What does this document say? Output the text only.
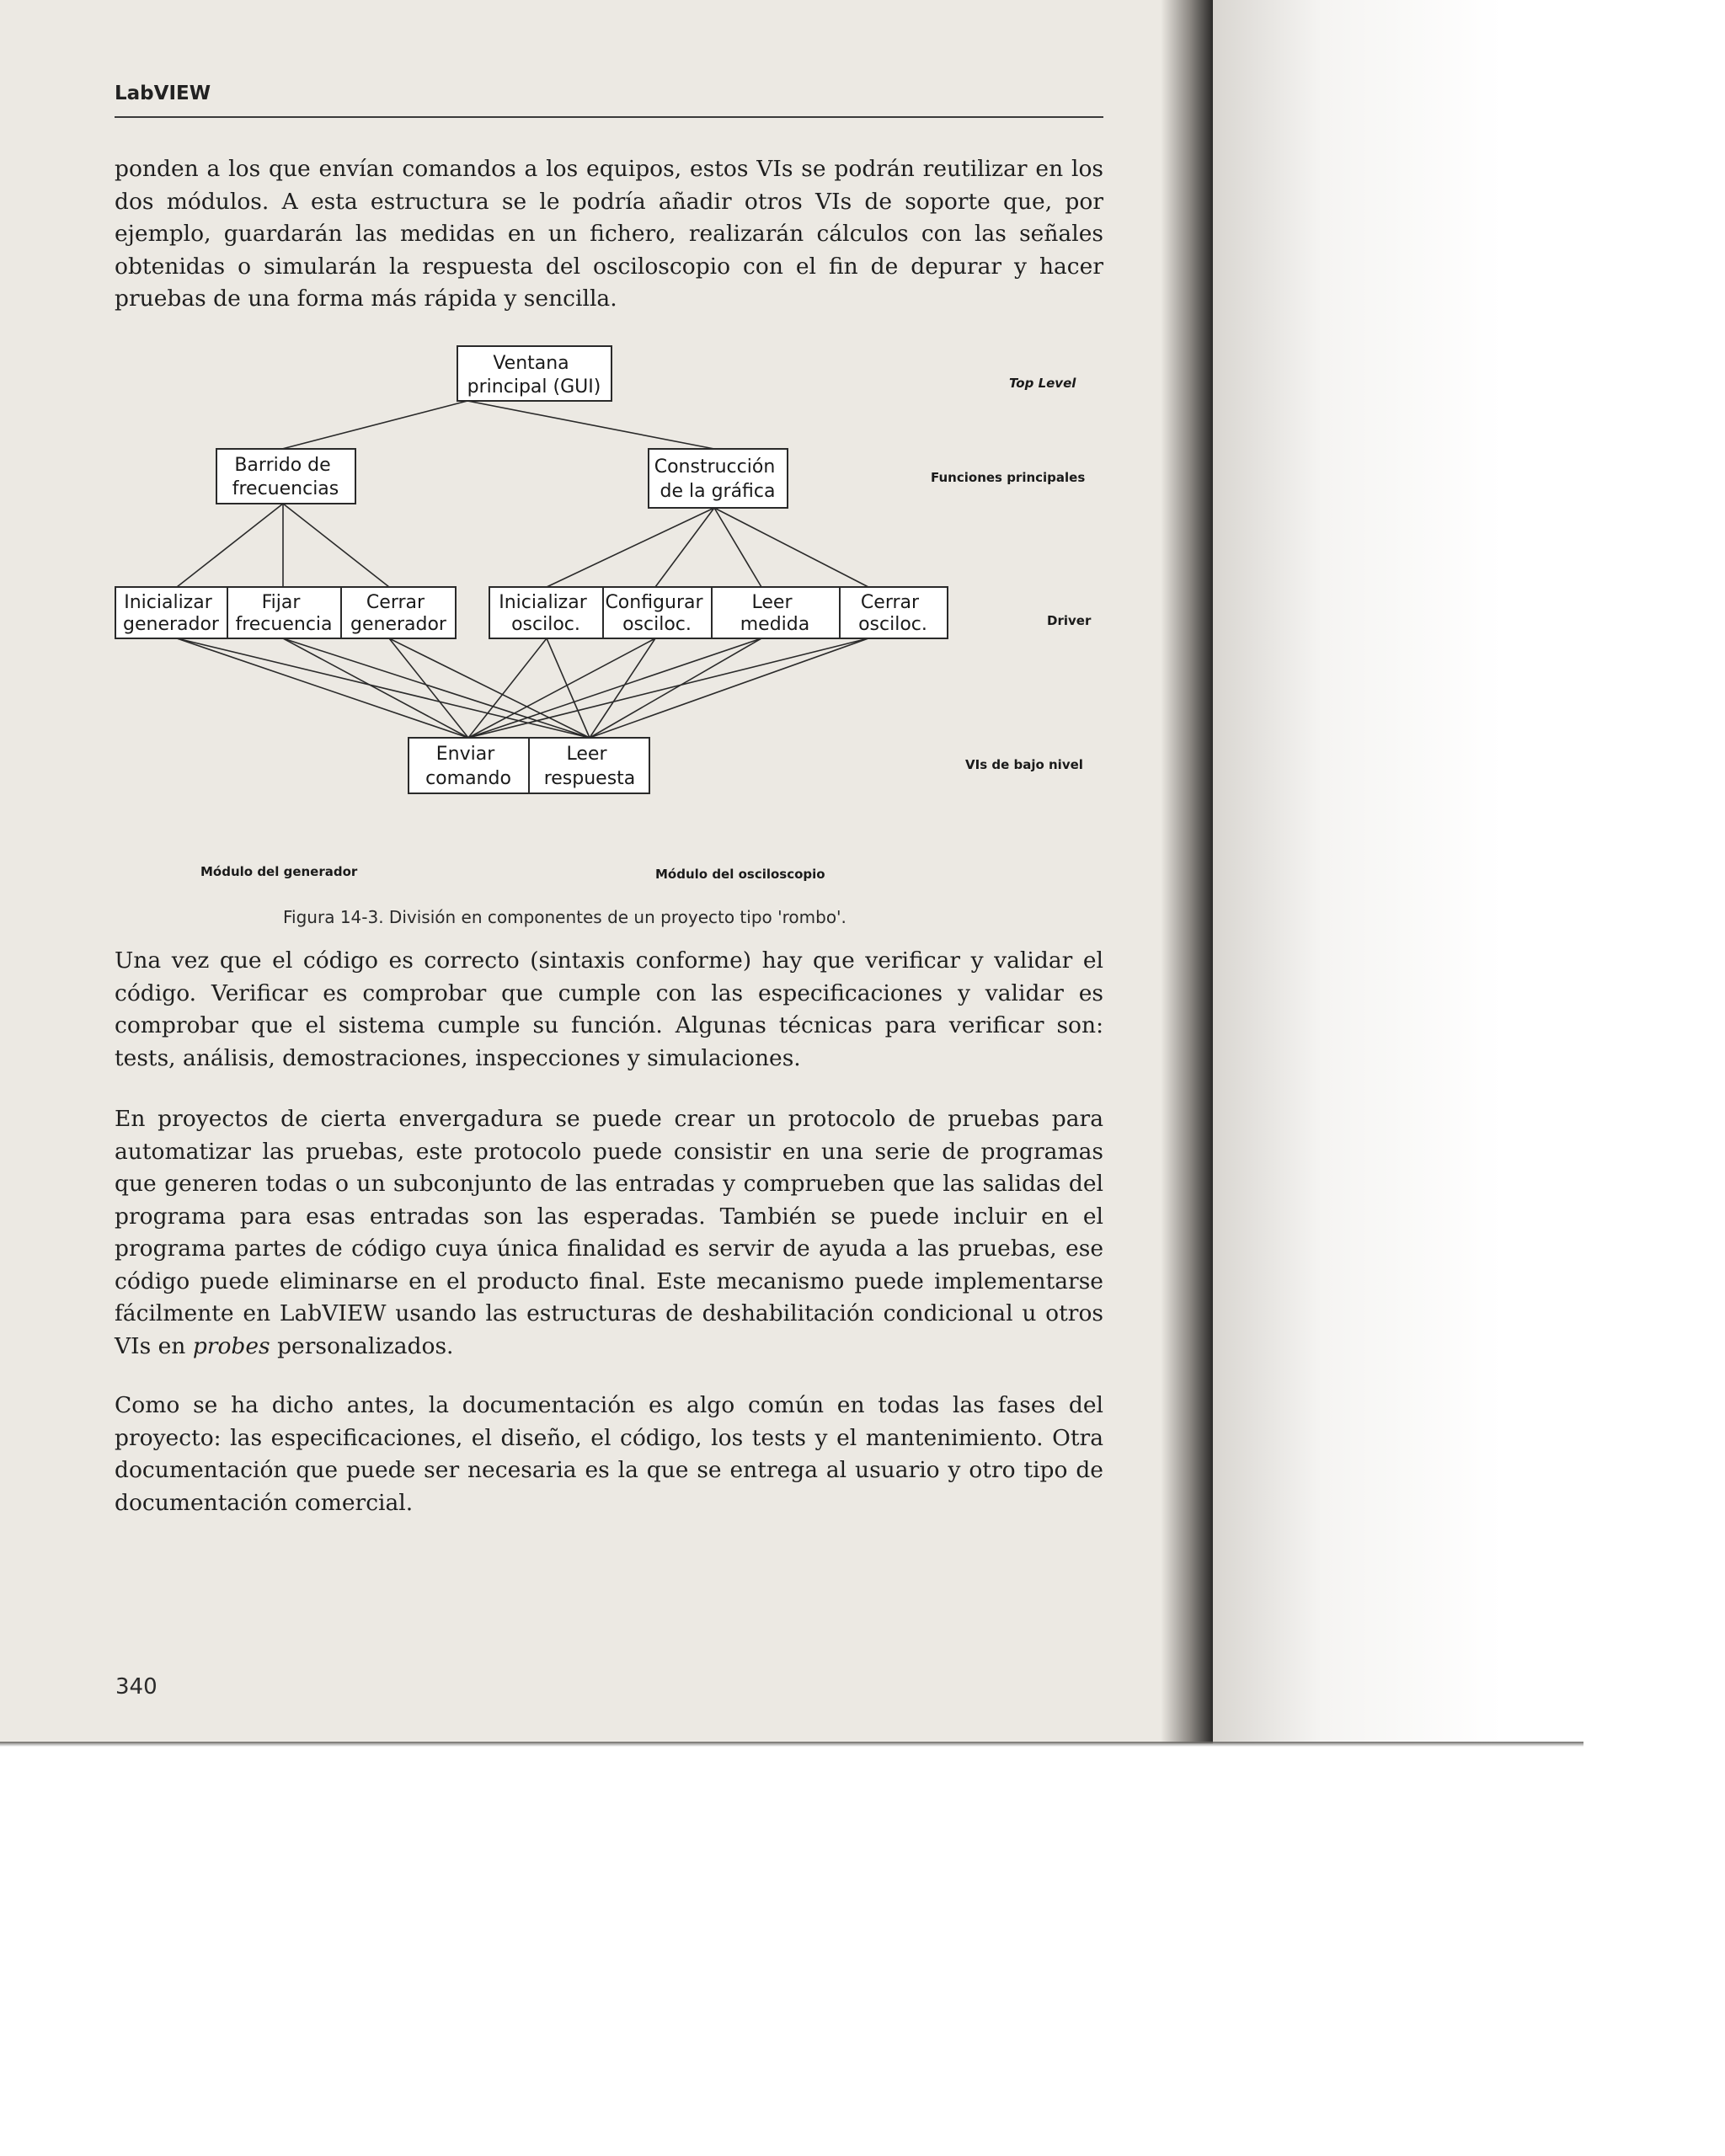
LabVIEW

ponden a los que envían comandos a los equipos, estos VIs se podrán reutilizar en los dos módulos. A esta estructura se le podría añadir otros VIs de soporte que, por ejemplo, guardarán las medidas en un fichero, realizarán cálculos con las señales obtenidas o simularán la respuesta del osciloscopio con el fin de depurar y hacer pruebas de una forma más rápida y sencilla.

Ventana principal (GUI)
Barrido de frecuencias
Construcción de la gráfica
Inicializar generador
Fijar frecuencia
Cerrar generador
Inicializar osciloc.
Configurar osciloc.
Leer medida
Cerrar osciloc.
Enviar comando
Leer respuesta
Top Level
Funciones principales
Driver
VIs de bajo nivel
Módulo del generador	Módulo del osciloscopio
Figura 14-3. División en componentes de un proyecto tipo 'rombo'.

Una vez que el código es correcto (sintaxis conforme) hay que verificar y validar el código. Verificar es comprobar que cumple con las especificaciones y validar es comprobar que el sistema cumple su función. Algunas técnicas para verificar son: tests, análisis, demostraciones, inspecciones y simulaciones.

En proyectos de cierta envergadura se puede crear un protocolo de pruebas para automatizar las pruebas, este protocolo puede consistir en una serie de programas que generen todas o un subconjunto de las entradas y comprueben que las salidas del programa para esas entradas son las esperadas. También se puede incluir en el programa partes de código cuya única finalidad es servir de ayuda a las pruebas, ese código puede eliminarse en el producto final. Este mecanismo puede implementarse fácilmente en LabVIEW usando las estructuras de deshabilitación condicional u otros VIs en probes personalizados.

Como se ha dicho antes, la documentación es algo común en todas las fases del proyecto: las especificaciones, el diseño, el código, los tests y el mantenimiento. Otra documentación que puede ser necesaria es la que se entrega al usuario y otro tipo de documentación comercial.

340
